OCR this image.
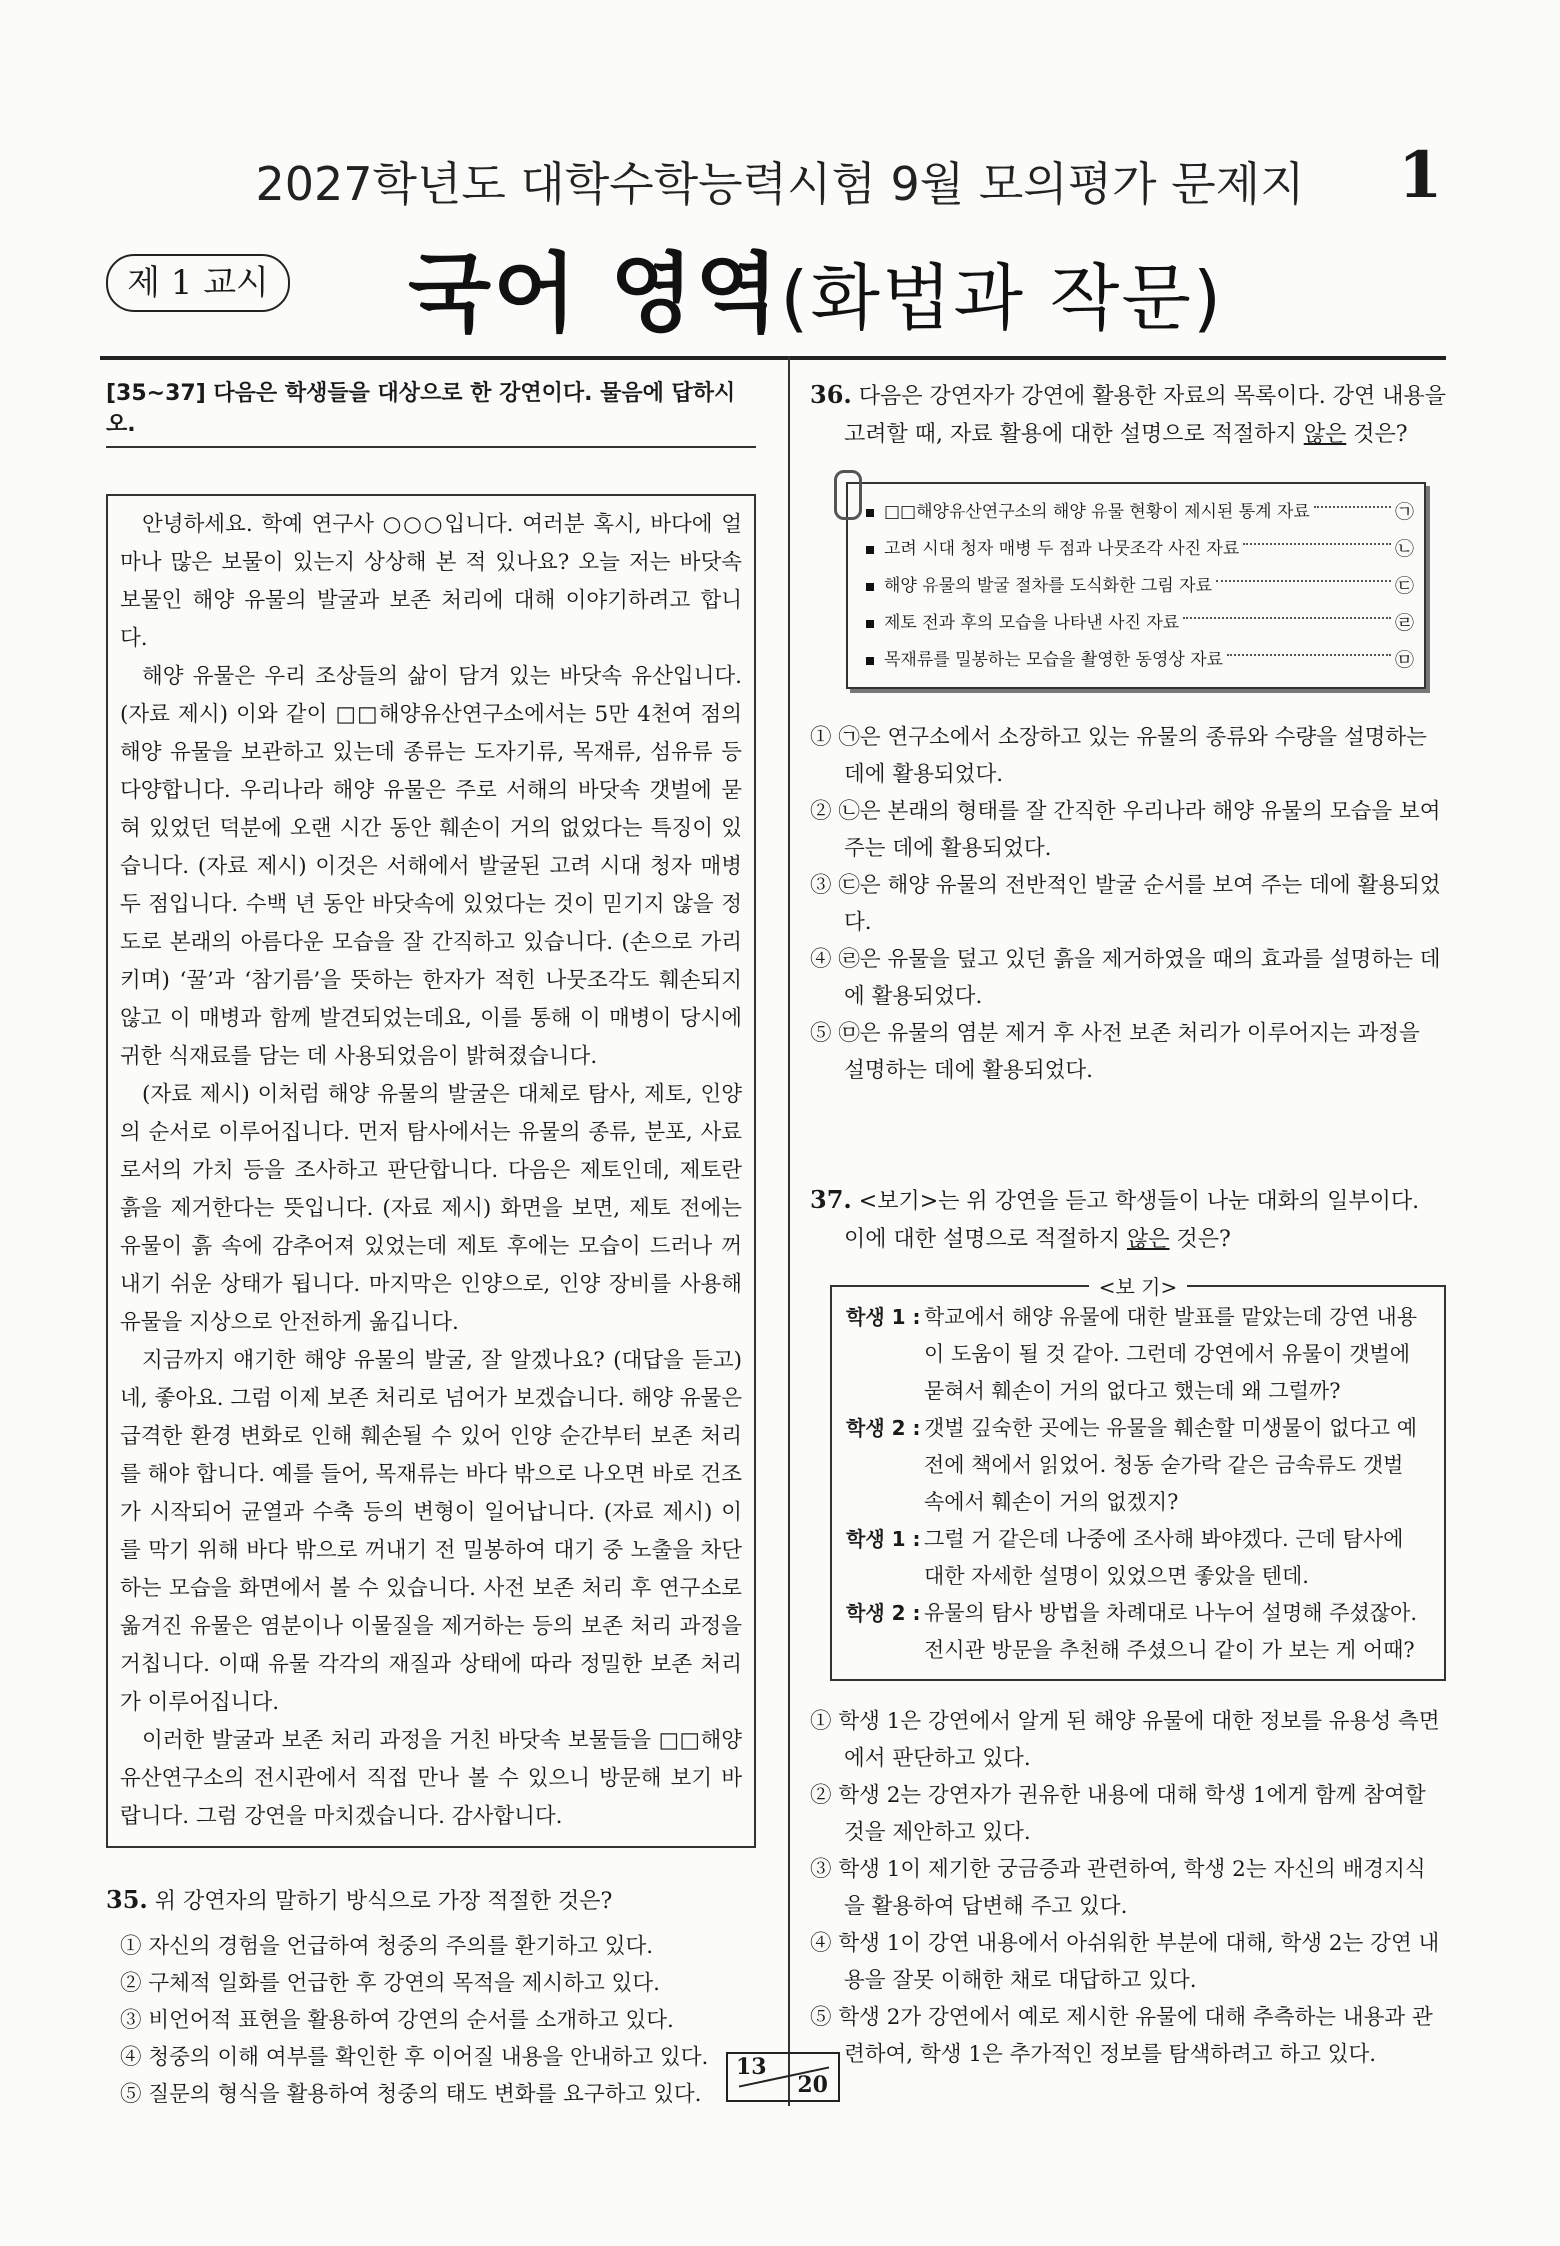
2027학년도 대학수학능력시험 9월 모의평가 문제지	1
제 1 교시 국어 영역(화법과 작문)
[35~37] 다음은 학생들을 대상으로 한 강연이다. 물음에 답하시오.

안녕하세요. 학예 연구사 ○○○입니다. 여러분 혹시, 바다에 얼마나 많은 보물이 있는지 상상해 본 적 있나요? 오늘 저는 바닷속 보물인 해양 유물의 발굴과 보존 처리에 대해 이야기하려고 합니다.

해양 유물은 우리 조상들의 삶이 담겨 있는 바닷속 유산입니다. (자료 제시) 이와 같이 □□해양유산연구소에서는 5만 4천여 점의 해양 유물을 보관하고 있는데 종류는 도자기류, 목재류, 섬유류 등 다양합니다. 우리나라 해양 유물은 주로 서해의 바닷속 갯벌에 묻혀 있었던 덕분에 오랜 시간 동안 훼손이 거의 없었다는 특징이 있습니다. (자료 제시) 이것은 서해에서 발굴된 고려 시대 청자 매병 두 점입니다. 수백 년 동안 바닷속에 있었다는 것이 믿기지 않을 정도로 본래의 아름다운 모습을 잘 간직하고 있습니다. (손으로 가리키며) ‘꿀’과 ‘참기름’을 뜻하는 한자가 적힌 나뭇조각도 훼손되지 않고 이 매병과 함께 발견되었는데요, 이를 통해 이 매병이 당시에 귀한 식재료를 담는 데 사용되었음이 밝혀졌습니다.

(자료 제시) 이처럼 해양 유물의 발굴은 대체로 탐사, 제토, 인양의 순서로 이루어집니다. 먼저 탐사에서는 유물의 종류, 분포, 사료로서의 가치 등을 조사하고 판단합니다. 다음은 제토인데, 제토란 흙을 제거한다는 뜻입니다. (자료 제시) 화면을 보면, 제토 전에는 유물이 흙 속에 감추어져 있었는데 제토 후에는 모습이 드러나 꺼내기 쉬운 상태가 됩니다. 마지막은 인양으로, 인양 장비를 사용해 유물을 지상으로 안전하게 옮깁니다.

지금까지 얘기한 해양 유물의 발굴, 잘 알겠나요? (대답을 듣고) 네, 좋아요. 그럼 이제 보존 처리로 넘어가 보겠습니다. 해양 유물은 급격한 환경 변화로 인해 훼손될 수 있어 인양 순간부터 보존 처리를 해야 합니다. 예를 들어, 목재류는 바다 밖으로 나오면 바로 건조가 시작되어 균열과 수축 등의 변형이 일어납니다. (자료 제시) 이를 막기 위해 바다 밖으로 꺼내기 전 밀봉하여 대기 중 노출을 차단하는 모습을 화면에서 볼 수 있습니다. 사전 보존 처리 후 연구소로 옮겨진 유물은 염분이나 이물질을 제거하는 등의 보존 처리 과정을 거칩니다. 이때 유물 각각의 재질과 상태에 따라 정밀한 보존 처리가 이루어집니다.

이러한 발굴과 보존 처리 과정을 거친 바닷속 보물들을 □□해양유산연구소의 전시관에서 직접 만나 볼 수 있으니 방문해 보기 바랍니다. 그럼 강연을 마치겠습니다. 감사합니다.

35. 위 강연자의 말하기 방식으로 가장 적절한 것은?
① 자신의 경험을 언급하여 청중의 주의를 환기하고 있다.
② 구체적 일화를 언급한 후 강연의 목적을 제시하고 있다.
③ 비언어적 표현을 활용하여 강연의 순서를 소개하고 있다.
④ 청중의 이해 여부를 확인한 후 이어질 내용을 안내하고 있다.
⑤ 질문의 형식을 활용하여 청중의 태도 변화를 요구하고 있다.
36. 다음은 강연자가 강연에 활용한 자료의 목록이다. 강연 내용을 고려할 때, 자료 활용에 대한 설명으로 적절하지 않은 것은?
□□해양유산연구소의 해양 유물 현황이 제시된 통계 자료	㉠
고려 시대 청자 매병 두 점과 나뭇조각 사진 자료	㉡
해양 유물의 발굴 절차를 도식화한 그림 자료	㉢
제토 전과 후의 모습을 나타낸 사진 자료	㉣
목재류를 밀봉하는 모습을 촬영한 동영상 자료	㉤
① ㉠은 연구소에서 소장하고 있는 유물의 종류와 수량을 설명하는 데에 활용되었다.
② ㉡은 본래의 형태를 잘 간직한 우리나라 해양 유물의 모습을 보여 주는 데에 활용되었다.
③ ㉢은 해양 유물의 전반적인 발굴 순서를 보여 주는 데에 활용되었다.
④ ㉣은 유물을 덮고 있던 흙을 제거하였을 때의 효과를 설명하는 데에 활용되었다.
⑤ ㉤은 유물의 염분 제거 후 사전 보존 처리가 이루어지는 과정을 설명하는 데에 활용되었다.
37. <보기>는 위 강연을 듣고 학생들이 나눈 대화의 일부이다. 이에 대한 설명으로 적절하지 않은 것은?
<보 기>
학생 1 : 학교에서 해양 유물에 대한 발표를 맡았는데 강연 내용이 도움이 될 것 같아. 그런데 강연에서 유물이 갯벌에 묻혀서 훼손이 거의 없다고 했는데 왜 그럴까?
학생 2 : 갯벌 깊숙한 곳에는 유물을 훼손할 미생물이 없다고 예전에 책에서 읽었어. 청동 숟가락 같은 금속류도 갯벌 속에서 훼손이 거의 없겠지?
학생 1 : 그럴 거 같은데 나중에 조사해 봐야겠다. 근데 탐사에 대한 자세한 설명이 있었으면 좋았을 텐데.
학생 2 : 유물의 탐사 방법을 차례대로 나누어 설명해 주셨잖아. 전시관 방문을 추천해 주셨으니 같이 가 보는 게 어때?
① 학생 1은 강연에서 알게 된 해양 유물에 대한 정보를 유용성 측면에서 판단하고 있다.
② 학생 2는 강연자가 권유한 내용에 대해 학생 1에게 함께 참여할 것을 제안하고 있다.
③ 학생 1이 제기한 궁금증과 관련하여, 학생 2는 자신의 배경지식을 활용하여 답변해 주고 있다.
④ 학생 1이 강연 내용에서 아쉬워한 부분에 대해, 학생 2는 강연 내용을 잘못 이해한 채로 대답하고 있다.
⑤ 학생 2가 강연에서 예로 제시한 유물에 대해 추측하는 내용과 관련하여, 학생 1은 추가적인 정보를 탐색하려고 하고 있다.
13
20
